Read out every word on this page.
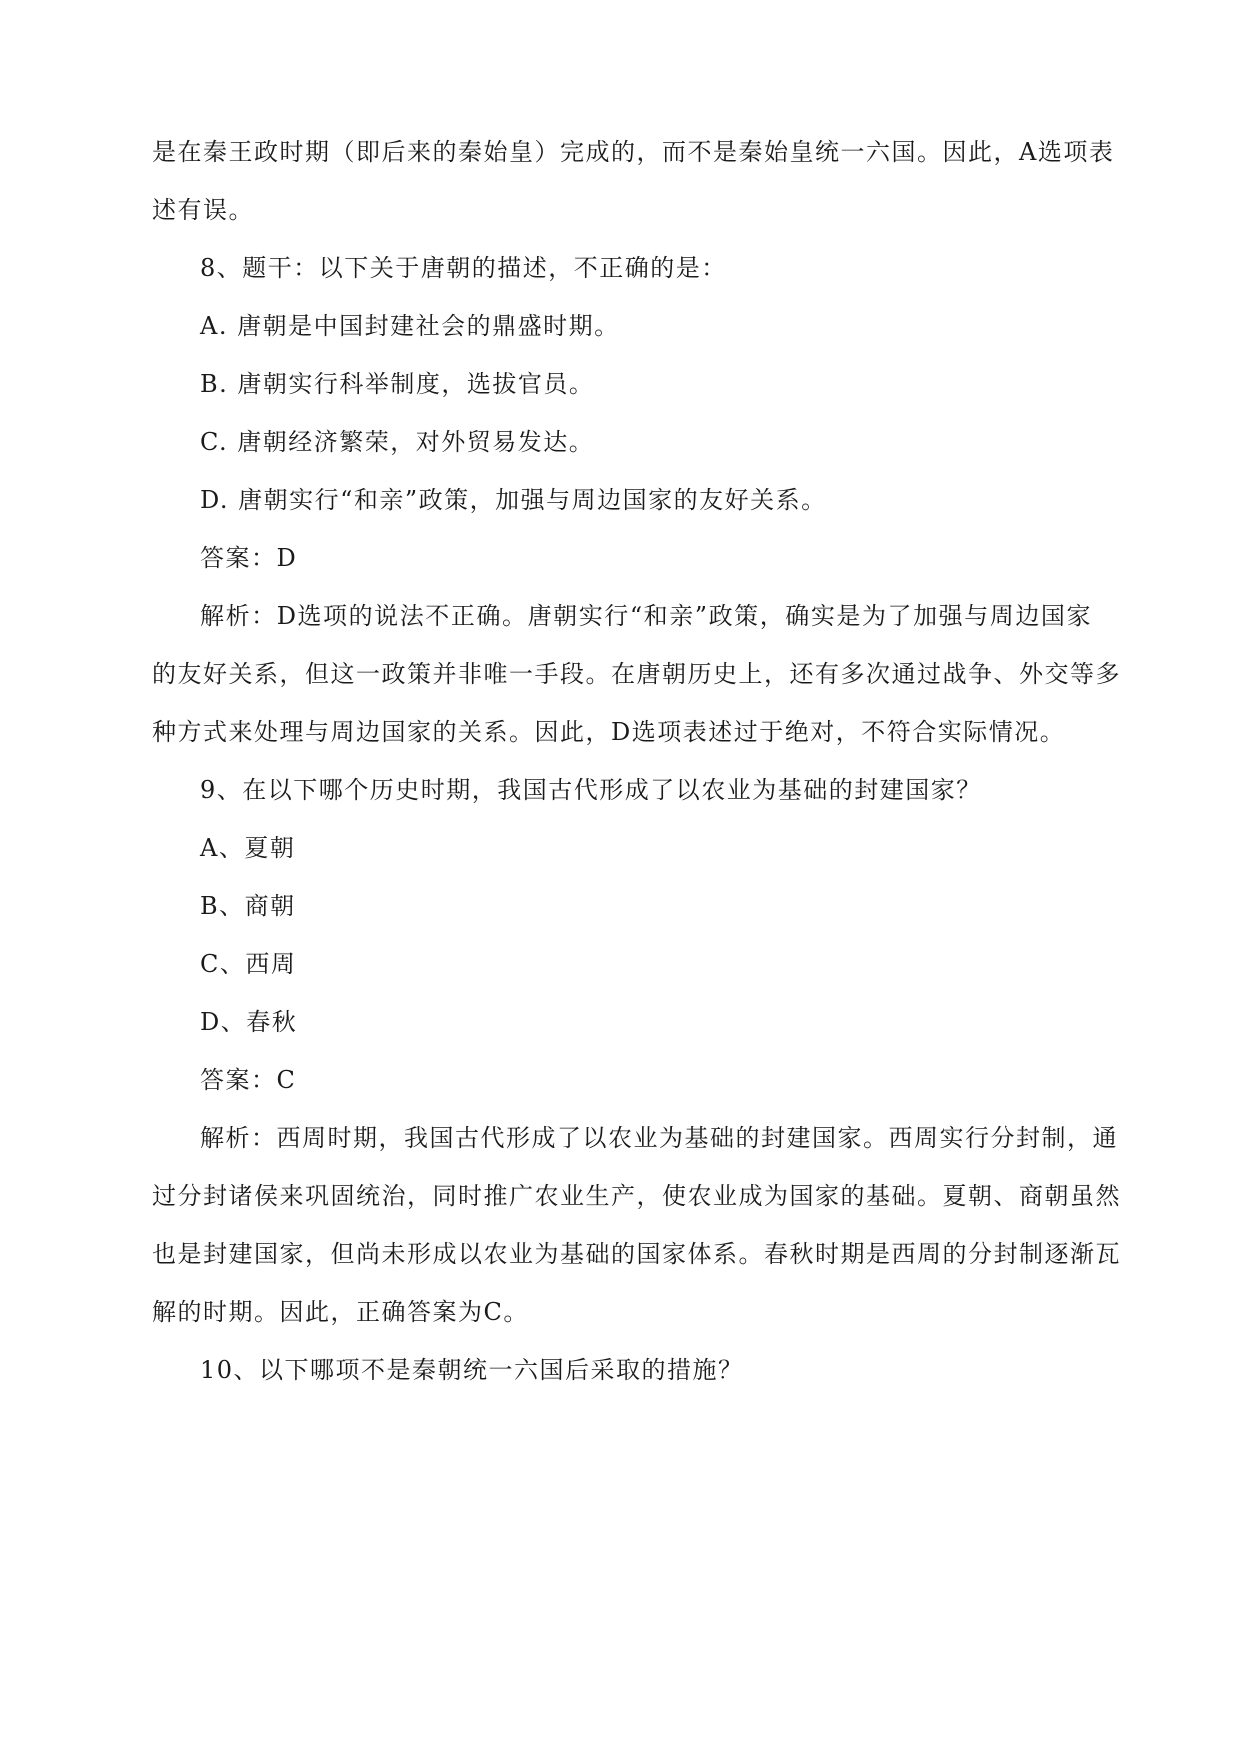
是在秦王政时期（即后来的秦始皇）完成的，而不是秦始皇统一六国。因此，A选项表
述有误。
8、题干：以下关于唐朝的描述，不正确的是：
A. 唐朝是中国封建社会的鼎盛时期。
B. 唐朝实行科举制度，选拔官员。
C. 唐朝经济繁荣，对外贸易发达。
D. 唐朝实行“和亲”政策，加强与周边国家的友好关系。
答案：D
解析：D选项的说法不正确。唐朝实行“和亲”政策，确实是为了加强与周边国家
的友好关系，但这一政策并非唯一手段。在唐朝历史上，还有多次通过战争、外交等多
种方式来处理与周边国家的关系。因此，D选项表述过于绝对，不符合实际情况。
9、在以下哪个历史时期，我国古代形成了以农业为基础的封建国家？
A、夏朝
B、商朝
C、西周
D、春秋
答案：C
解析：西周时期，我国古代形成了以农业为基础的封建国家。西周实行分封制，通
过分封诸侯来巩固统治，同时推广农业生产，使农业成为国家的基础。夏朝、商朝虽然
也是封建国家，但尚未形成以农业为基础的国家体系。春秋时期是西周的分封制逐渐瓦
解的时期。因此，正确答案为C。
10、以下哪项不是秦朝统一六国后采取的措施？
